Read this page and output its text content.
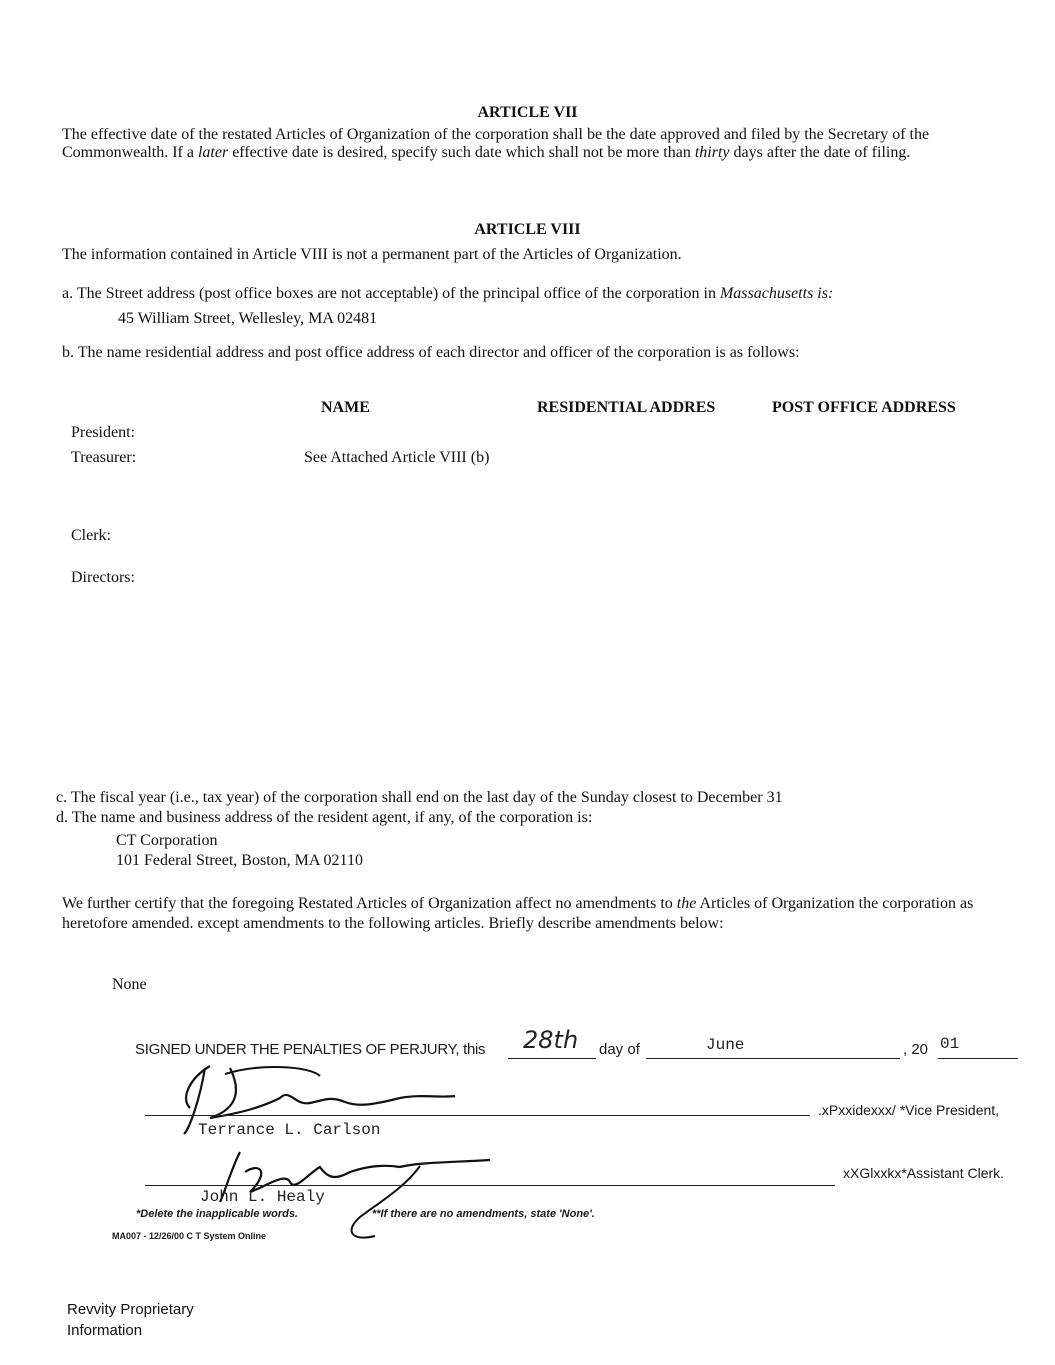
ARTICLE VII
The effective date of the restated Articles of Organization of the corporation shall be the date approved and filed by the Secretary of the Commonwealth. If a later effective date is desired, specify such date which shall not be more than thirty days after the date of filing.
ARTICLE VIII
The information contained in Article VIII is not a permanent part of the Articles of Organization.
a. The Street address (post office boxes are not acceptable) of the principal office of the corporation in Massachusetts is:
45 William Street, Wellesley, MA 02481
b. The name residential address and post office address of each director and officer of the corporation is as follows:
NAME	RESIDENTIAL ADDRES	POST OFFICE ADDRESS
President:
Treasurer:	See Attached Article VIII (b)
Clerk:
Directors:
c. The fiscal year (i.e., tax year) of the corporation shall end on the last day of the Sunday closest to December 31
d. The name and business address of the resident agent, if any, of the corporation is:
CT Corporation
101 Federal Street, Boston, MA 02110
We further certify that the foregoing Restated Articles of Organization affect no amendments to the Articles of Organization the corporation as heretofore amended. except amendments to the following articles. Briefly describe amendments below:
None
SIGNED UNDER THE PENALTIES OF PERJURY, this 28th day of	June	, 20 01
.xPxxidexxx/ *Vice President,
Terrance L. Carlson
xXGlxxkx*Assistant Clerk.
John L. Healy
*Delete the inapplicable words.	**If there are no amendments, state 'None'.
MA007 - 12/26/00 C T System Online
Revvity Proprietary
Information
